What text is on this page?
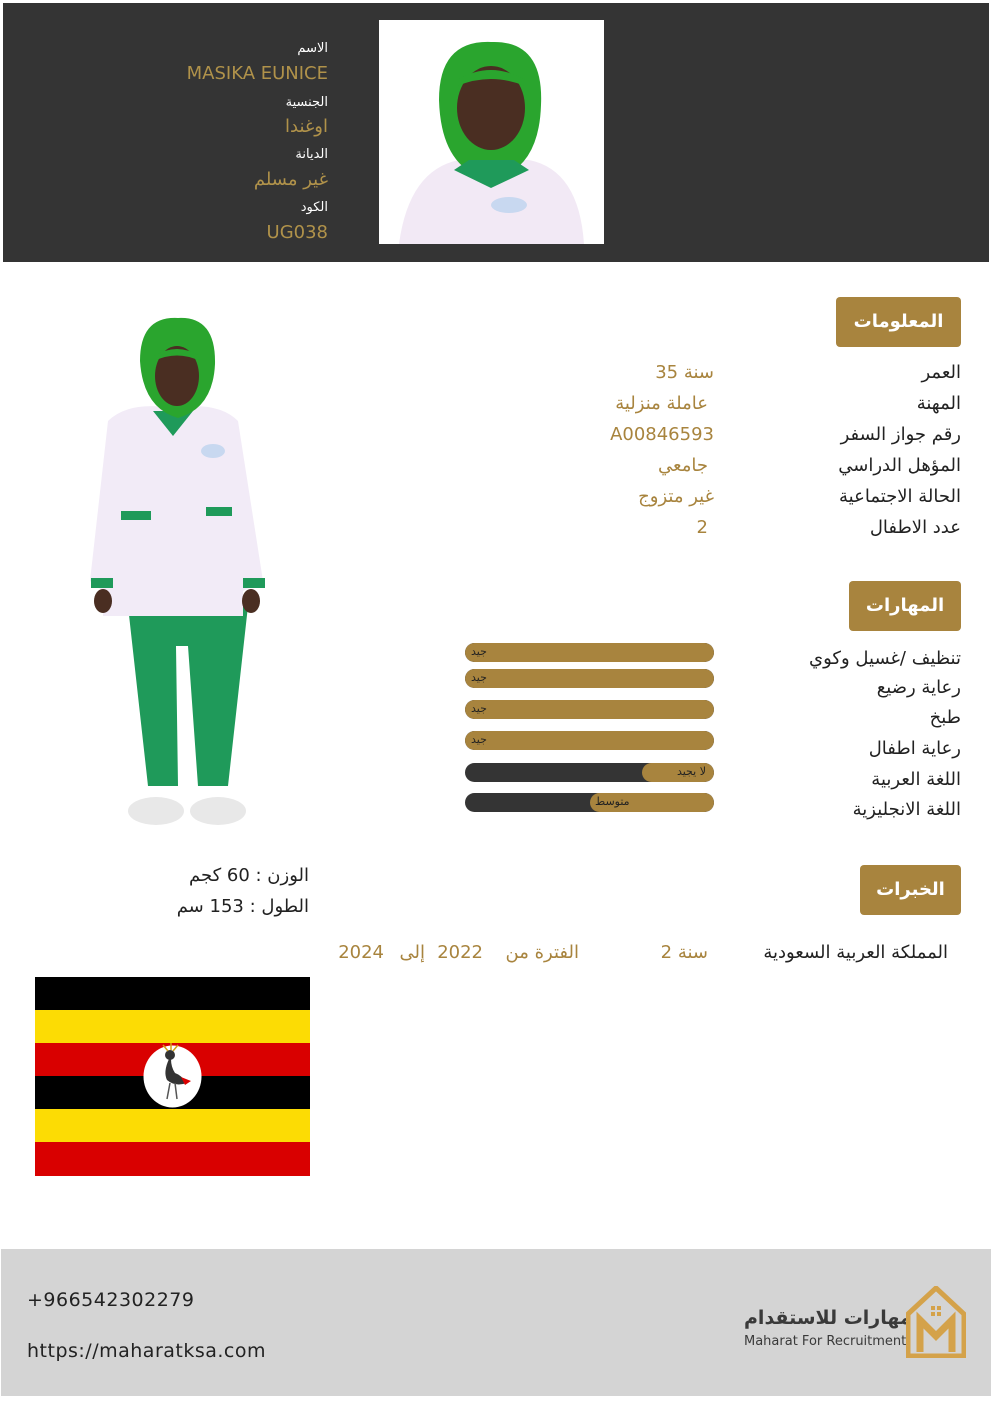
الاسم
MASIKA EUNICE
الجنسية
اوغندا
الديانة
غير مسلم
الكود
UG038
المعلومات
العمر
35 سنة
المهنة
عاملة منزلية
رقم جواز السفر
A00846593
المؤهل الدراسي
جامعي
الحالة الاجتماعية
غير متزوج
عدد الاطفال
2
المهارات
تنظيف /غسيل وكوي
رعاية رضيع
طبخ
رعاية اطفال
اللغة العربية
اللغة الانجليزية
جيد
جيد
جيد
جيد
لا يجيد
متوسط
الوزن : 60 كجم
الطول : 153 سم
الخبرات
المملكة العربية السعودية
2 سنة
الفترة من
2022
إلى
2024
+966542302279
https://maharatksa.com
مهارات للاستقدام
Maharat For Recruitment
